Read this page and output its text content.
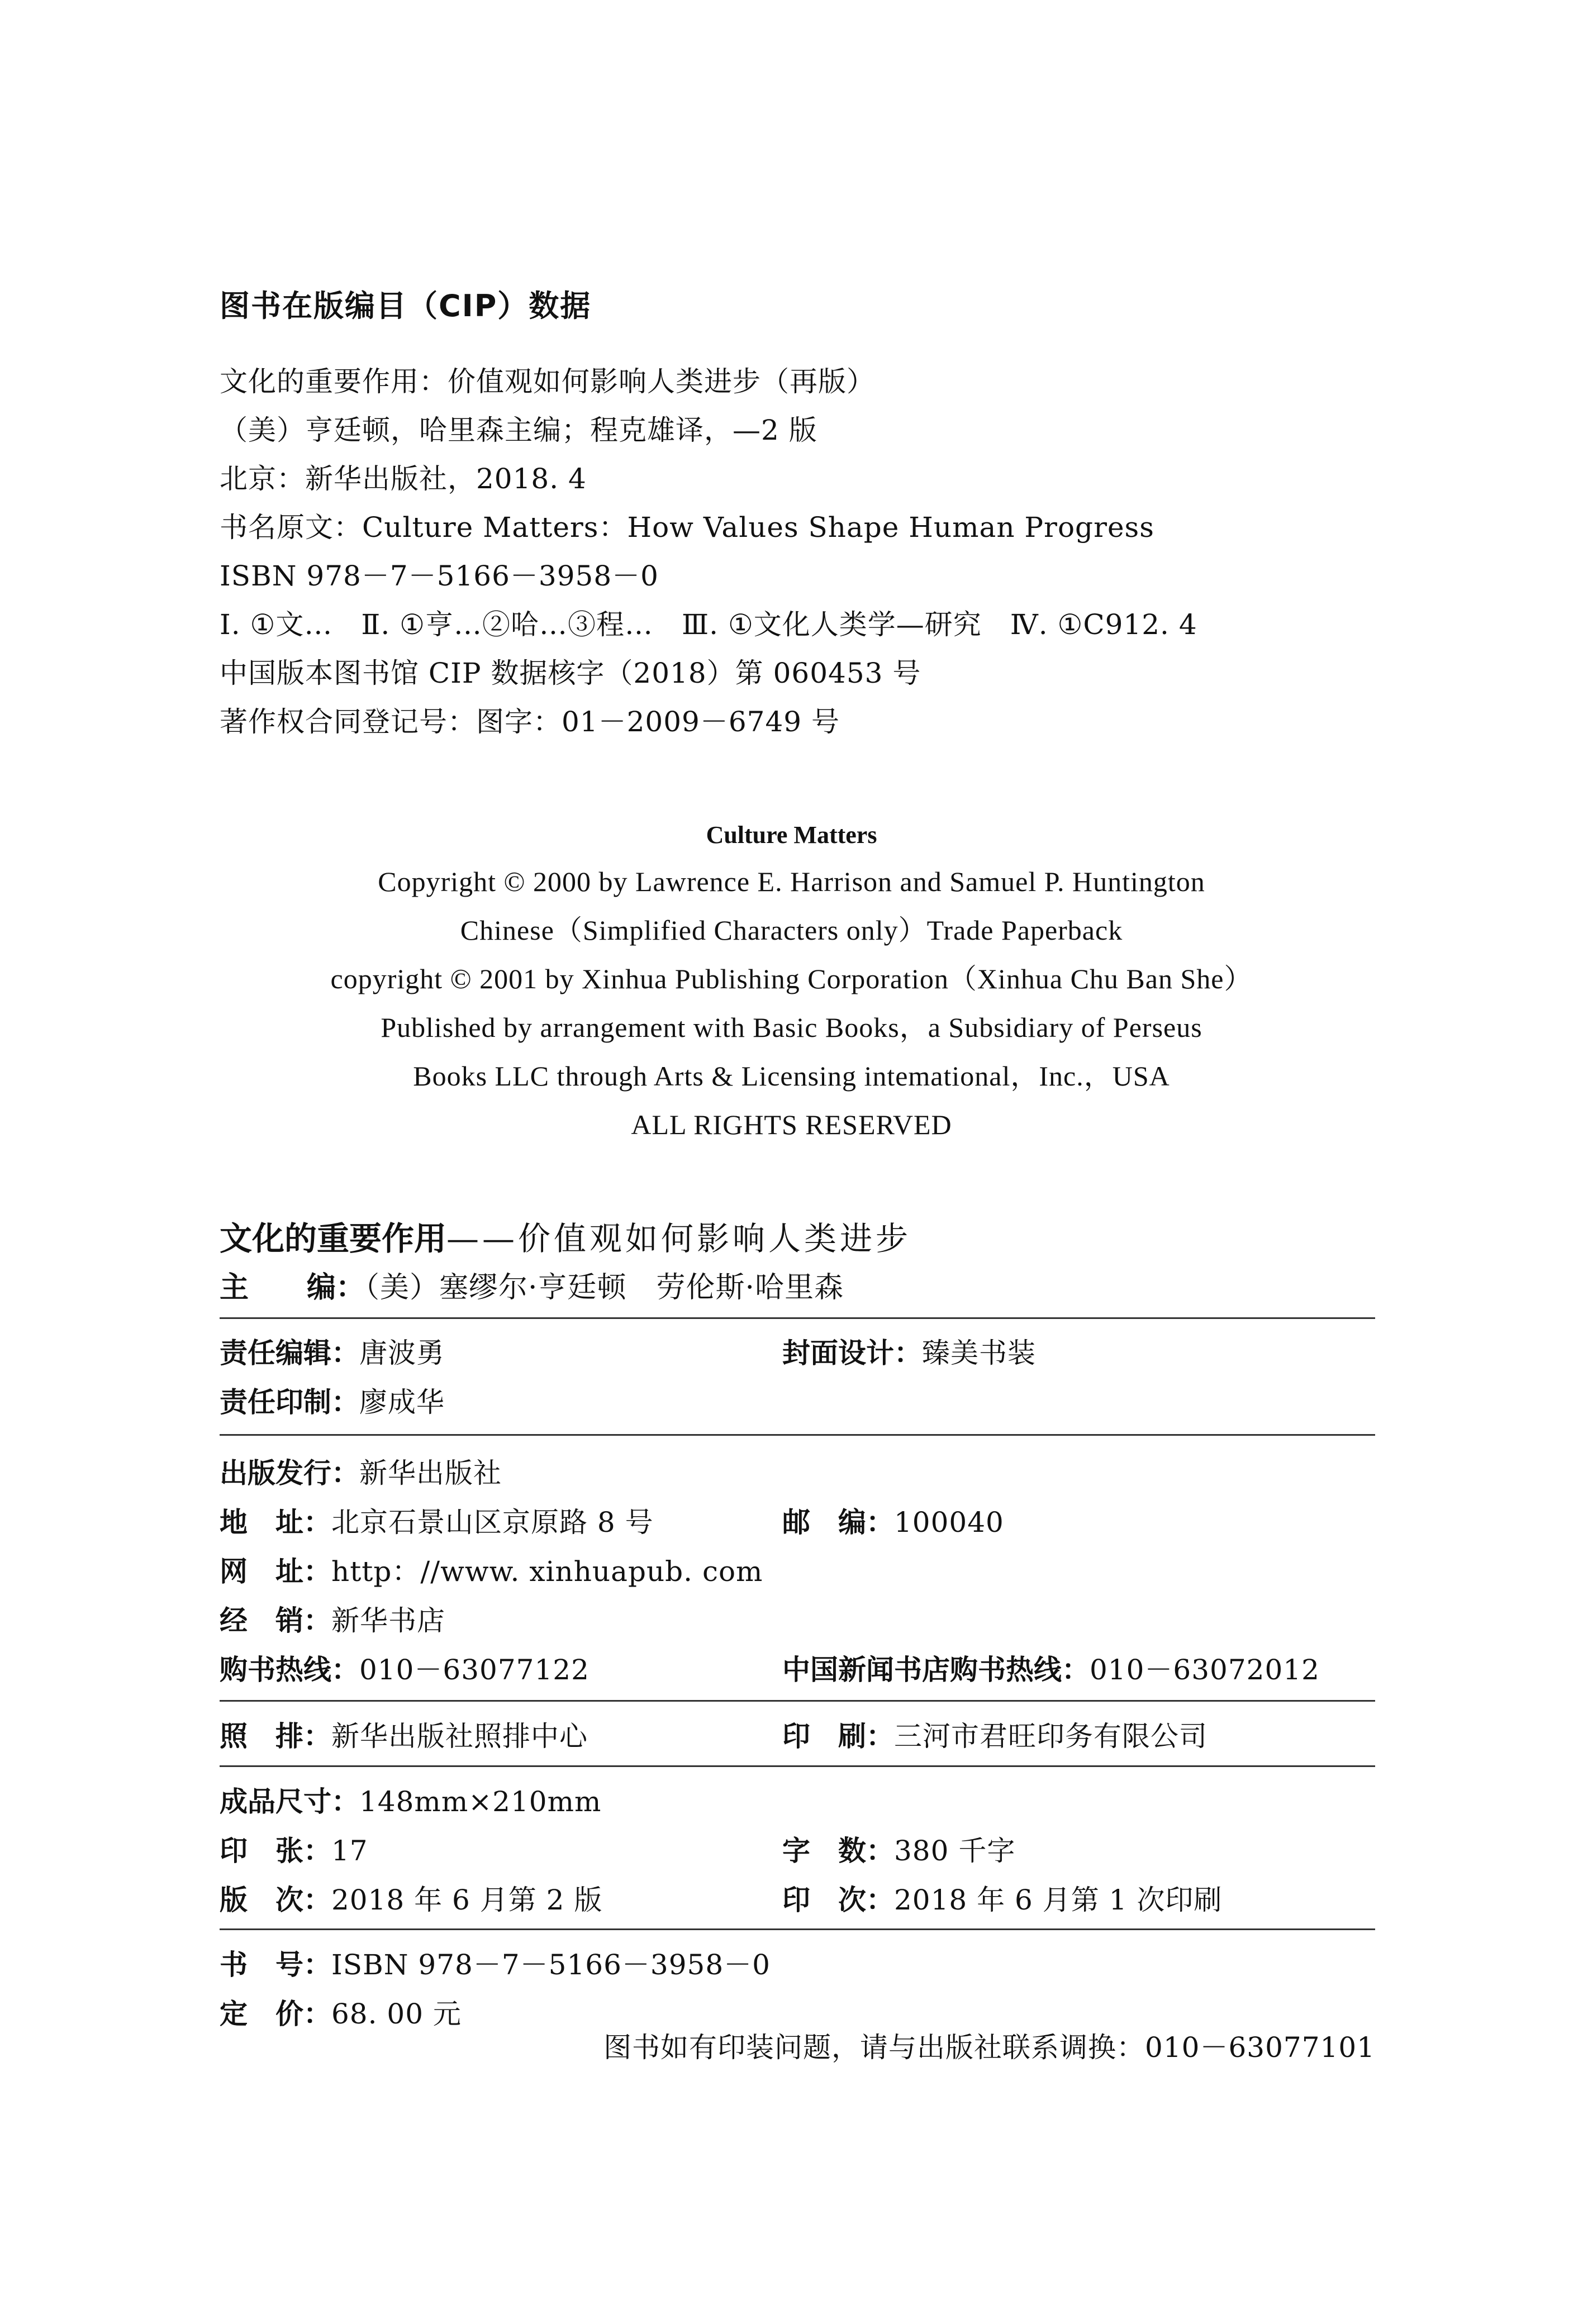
图书在版编目（CIP）数据
文化的重要作用：价值观如何影响人类进步（再版）
（美）亨廷顿，哈里森主编；程克雄译，—2 版
北京：新华出版社，2018. 4
书名原文：Culture Matters：How Values Shape Human Progress
ISBN 978－7－5166－3958－0
Ⅰ. ①文…　Ⅱ. ①亨…②哈…③程…　Ⅲ. ①文化人类学—研究　Ⅳ. ①C912. 4
中国版本图书馆 CIP 数据核字（2018）第 060453 号
著作权合同登记号：图字：01－2009－6749 号
Culture Matters
Copyright © 2000 by Lawrence E. Harrison and Samuel P. Huntington
Chinese（Simplified Characters only）Trade Paperback
copyright © 2001 by Xinhua Publishing Corporation（Xinhua Chu Ban She）
Published by arrangement with Basic Books，a Subsidiary of Perseus
Books LLC through Arts & Licensing intemational，Inc.，USA
ALL RIGHTS RESERVED
文化的重要作用——价值观如何影响人类进步
主　　编：（美）塞缪尔·亨廷顿　劳伦斯·哈里森
责任编辑：唐波勇	封面设计：臻美书装
责任印制：廖成华
出版发行：新华出版社
地　址：北京石景山区京原路 8 号	邮　编：100040
网　址：http：//www. xinhuapub. com
经　销：新华书店
购书热线：010－63077122	中国新闻书店购书热线：010－63072012
照　排：新华出版社照排中心	印　刷：三河市君旺印务有限公司
成品尺寸：148mm×210mm
印　张：17	字　数：380 千字
版　次：2018 年 6 月第 2 版	印　次：2018 年 6 月第 1 次印刷
书　号：ISBN 978－7－5166－3958－0
定　价：68. 00 元
图书如有印装问题，请与出版社联系调换：010－63077101
